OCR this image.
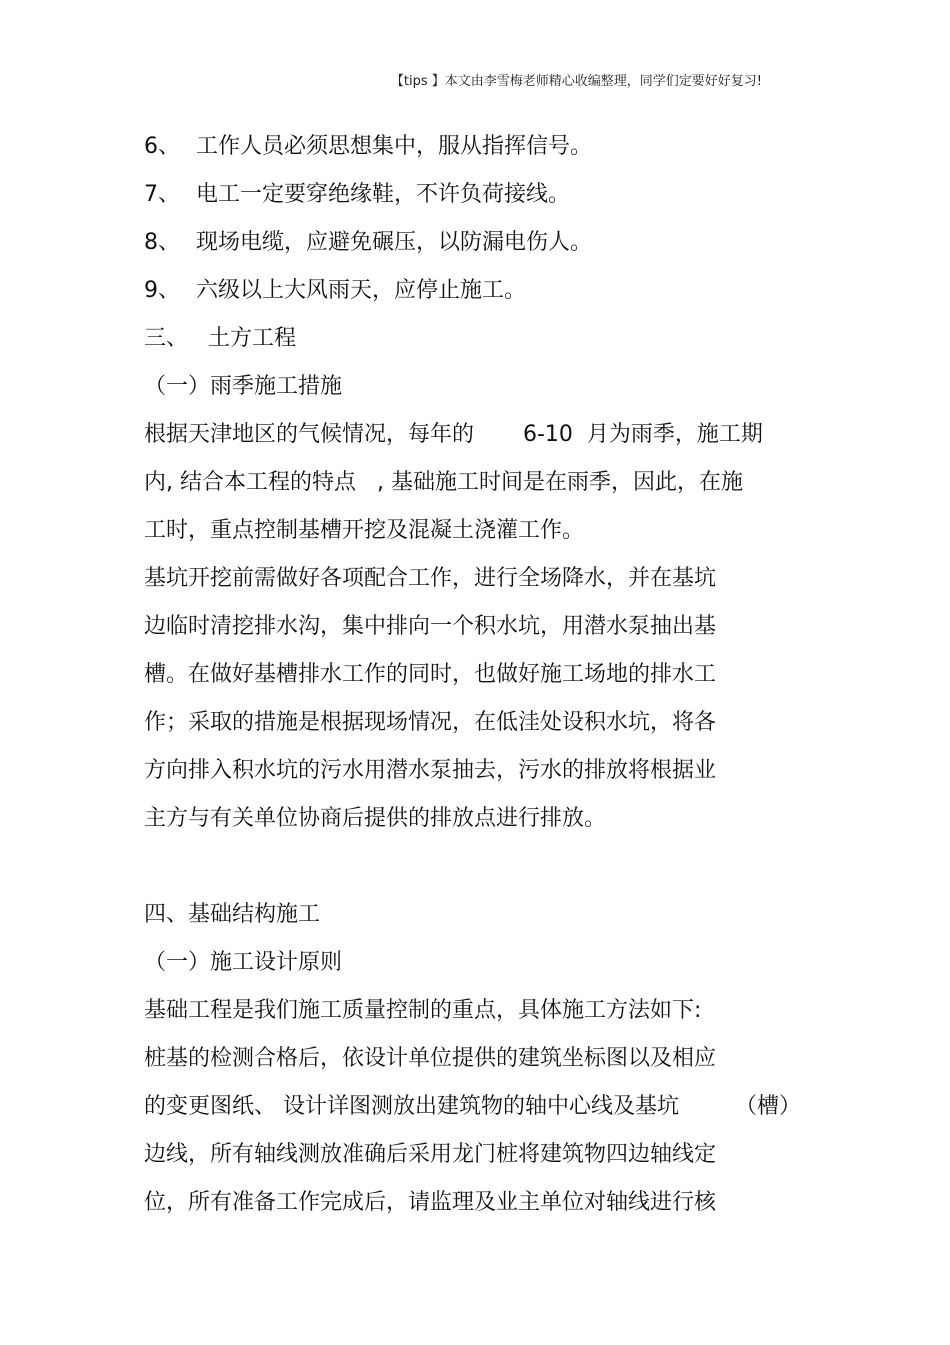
【tips 】本文由李雪梅老师精心收编整理，同学们定要好好复习!
6、 工作人员必须思想集中，服从指挥信号。
7、 电工一定要穿绝缘鞋，不许负荷接线。
8、 现场电缆，应避免碾压，以防漏电伤人。
9、 六级以上大风雨天，应停止施工。
三、 土方工程
（一）雨季施工措施
根据天津地区的气候情况，每年的       6-10  月为雨季，施工期
内, 结合本工程的特点   , 基础施工时间是在雨季，因此，在施
工时，重点控制基槽开挖及混凝土浇灌工作。
基坑开挖前需做好各项配合工作，进行全场降水，并在基坑
边临时清挖排水沟，集中排向一个积水坑，用潜水泵抽出基
槽。在做好基槽排水工作的同时，也做好施工场地的排水工
作；采取的措施是根据现场情况，在低洼处设积水坑，将各
方向排入积水坑的污水用潜水泵抽去，污水的排放将根据业
主方与有关单位协商后提供的排放点进行排放。
四、基础结构施工
（一）施工设计原则
基础工程是我们施工质量控制的重点，具体施工方法如下:
桩基的检测合格后，依设计单位提供的建筑坐标图以及相应
的变更图纸、 设计详图测放出建筑物的轴中心线及基坑        （槽）
边线，所有轴线测放准确后采用龙门桩将建筑物四边轴线定
位，所有准备工作完成后，请监理及业主单位对轴线进行核
